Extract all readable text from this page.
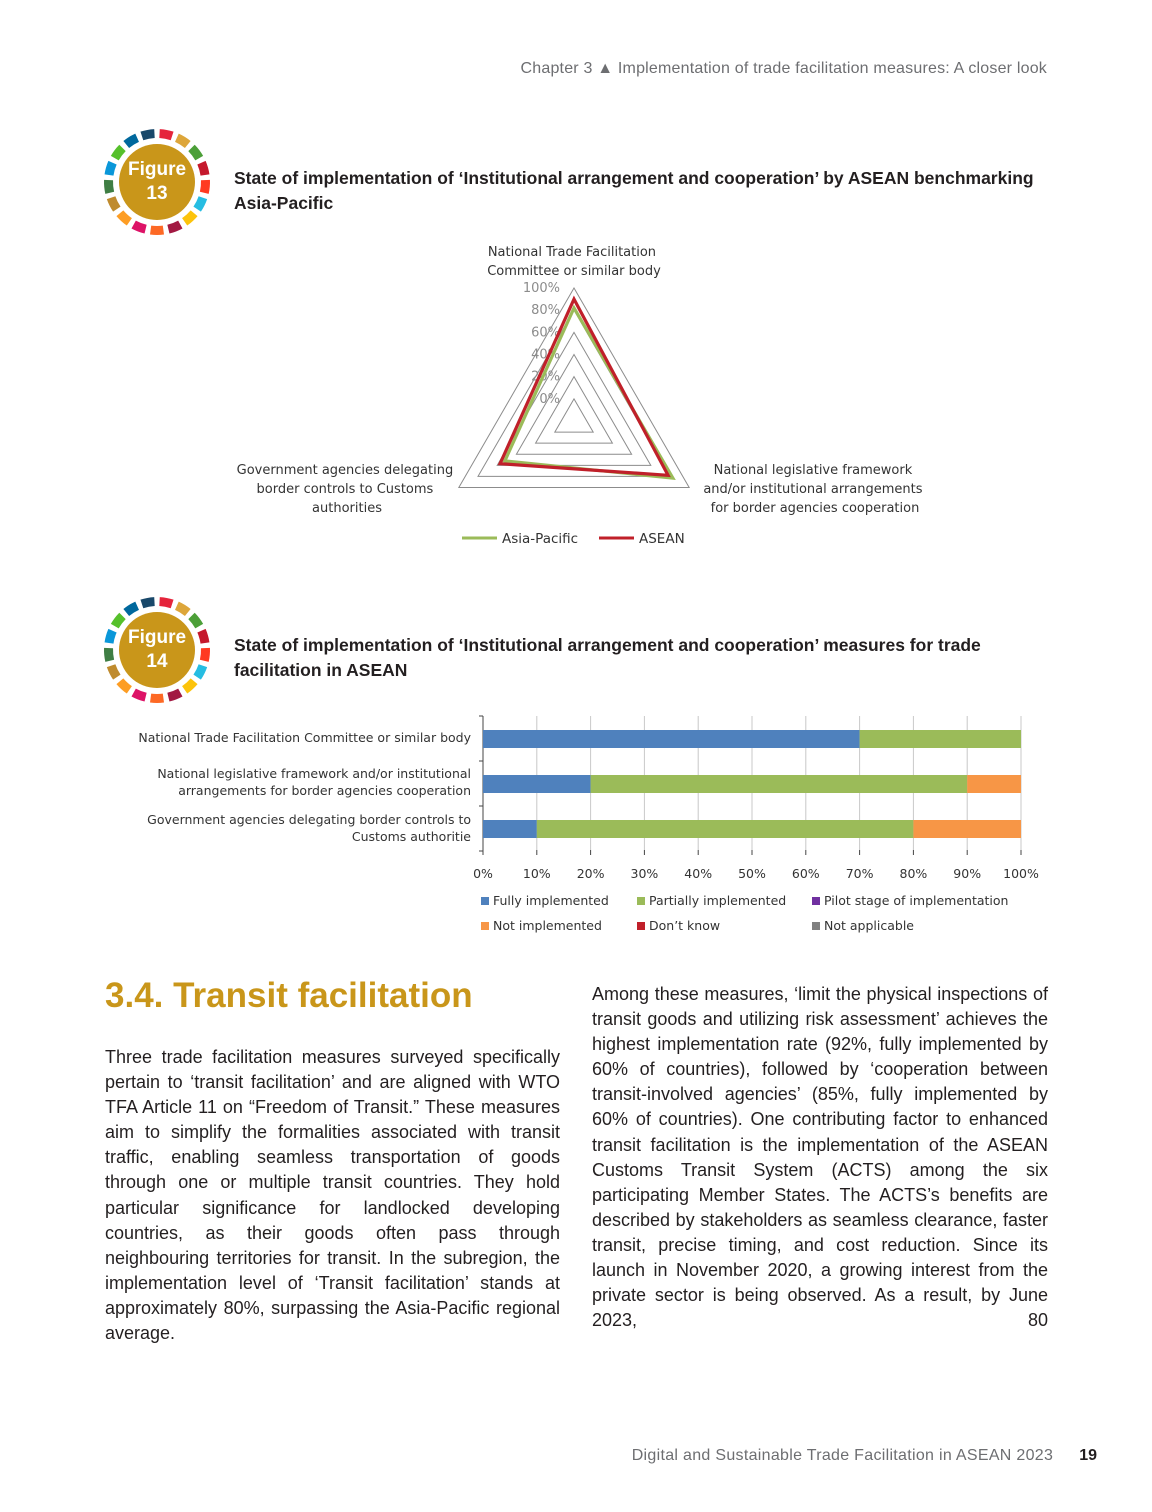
Chapter 3 ▲ Implementation of trade facilitation measures: A closer look
Figure
13
State of implementation of ‘Institutional arrangement and cooperation’ by ASEAN benchmarking Asia-Pacific
0%
20%
40%
60%
80%
100%
National Trade Facilitation Committee or similar body
National legislative framework and/or institutional arrangements for border agencies cooperation
Government agencies delegating border controls to Customs authorities
Asia-Pacific	ASEAN
Figure
14
State of implementation of ‘Institutional arrangement and cooperation’ measures for trade facilitation in ASEAN
National Trade Facilitation Committee or similar body
National legislative framework and/or institutional
arrangements for border agencies cooperation
Government agencies delegating border controls to
Customs authoritie
0% 10% 20% 30% 40% 50% 60% 70% 80% 90% 100%
Fully implemented	Partially implemented	Pilot stage of implementation
Not implemented	Don’t know	Not applicable
3.4. Transit facilitation
Three trade facilitation measures surveyed specifically pertain to ‘transit facilitation’ and are aligned with WTO TFA Article 11 on “Freedom of Transit.” These measures aim to simplify the formalities associated with transit traffic, enabling seamless transportation of goods through one or multiple transit countries. They hold particular significance for landlocked developing countries, as their goods often pass through neighbouring territories for transit. In the subregion, the implementation level of ‘Transit facilitation’ stands at approximately 80%, surpassing the Asia-Pacific regional average.
Among these measures, ‘limit the physical inspections of transit goods and utilizing risk assessment’ achieves the highest implementation rate (92%, fully implemented by 60% of countries), followed by ‘cooperation between transit-involved agencies’ (85%, fully implemented by 60% of countries). One contributing factor to enhanced transit facilitation is the implementation of the ASEAN Customs Transit System (ACTS) among the six participating Member States. The ACTS’s benefits are described by stakeholders as seamless clearance, faster transit, precise timing, and cost reduction. Since its launch in November 2020, a growing interest from the private sector is being observed. As a result, by June 2023, 80
Digital and Sustainable Trade Facilitation in ASEAN 2023 19
